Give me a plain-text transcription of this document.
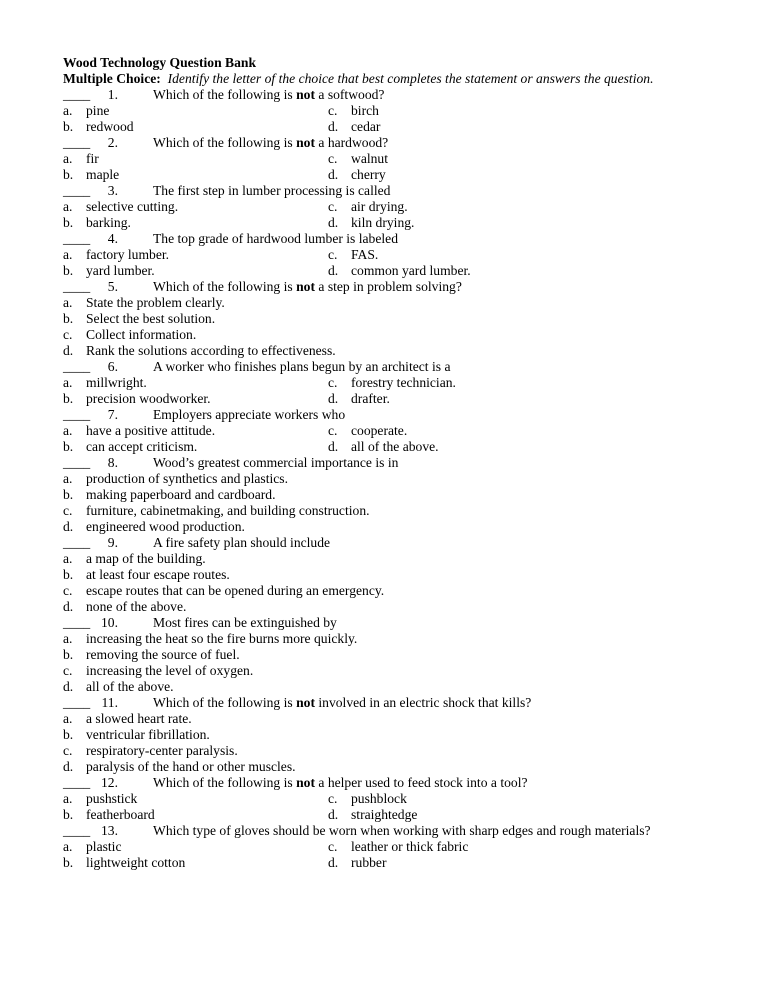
Wood Technology Question Bank
Multiple Choice: Identify the letter of the choice that best completes the statement or answers the question.
____ 1.	Which of the following is not a softwood?
a. pine	c. birch
b. redwood	d. cedar
____ 2.	Which of the following is not a hardwood?
a. fir	c. walnut
b. maple	d. cherry
____ 3.	The first step in lumber processing is called
a. selective cutting.	c. air drying.
b. barking.	d. kiln drying.
____ 4.	The top grade of hardwood lumber is labeled
a. factory lumber.	c. FAS.
b. yard lumber.	d. common yard lumber.
____ 5.	Which of the following is not a step in problem solving?
a. State the problem clearly.
b. Select the best solution.
c. Collect information.
d. Rank the solutions according to effectiveness.
____ 6.	A worker who finishes plans begun by an architect is a
a. millwright.	c. forestry technician.
b. precision woodworker.	d. drafter.
____ 7.	Employers appreciate workers who
a. have a positive attitude.	c. cooperate.
b. can accept criticism.	d. all of the above.
____ 8.	Wood’s greatest commercial importance is in
a. production of synthetics and plastics.
b. making paperboard and cardboard.
c. furniture, cabinetmaking, and building construction.
d. engineered wood production.
____ 9.	A fire safety plan should include
a. a map of the building.
b. at least four escape routes.
c. escape routes that can be opened during an emergency.
d. none of the above.
____ 10.	Most fires can be extinguished by
a. increasing the heat so the fire burns more quickly.
b. removing the source of fuel.
c. increasing the level of oxygen.
d. all of the above.
____ 11.	Which of the following is not involved in an electric shock that kills?
a. a slowed heart rate.
b. ventricular fibrillation.
c. respiratory-center paralysis.
d. paralysis of the hand or other muscles.
____ 12.	Which of the following is not a helper used to feed stock into a tool?
a. pushstick	c. pushblock
b. featherboard	d. straightedge
____ 13.	Which type of gloves should be worn when working with sharp edges and rough materials?
a. plastic	c. leather or thick fabric
b. lightweight cotton	d. rubber
